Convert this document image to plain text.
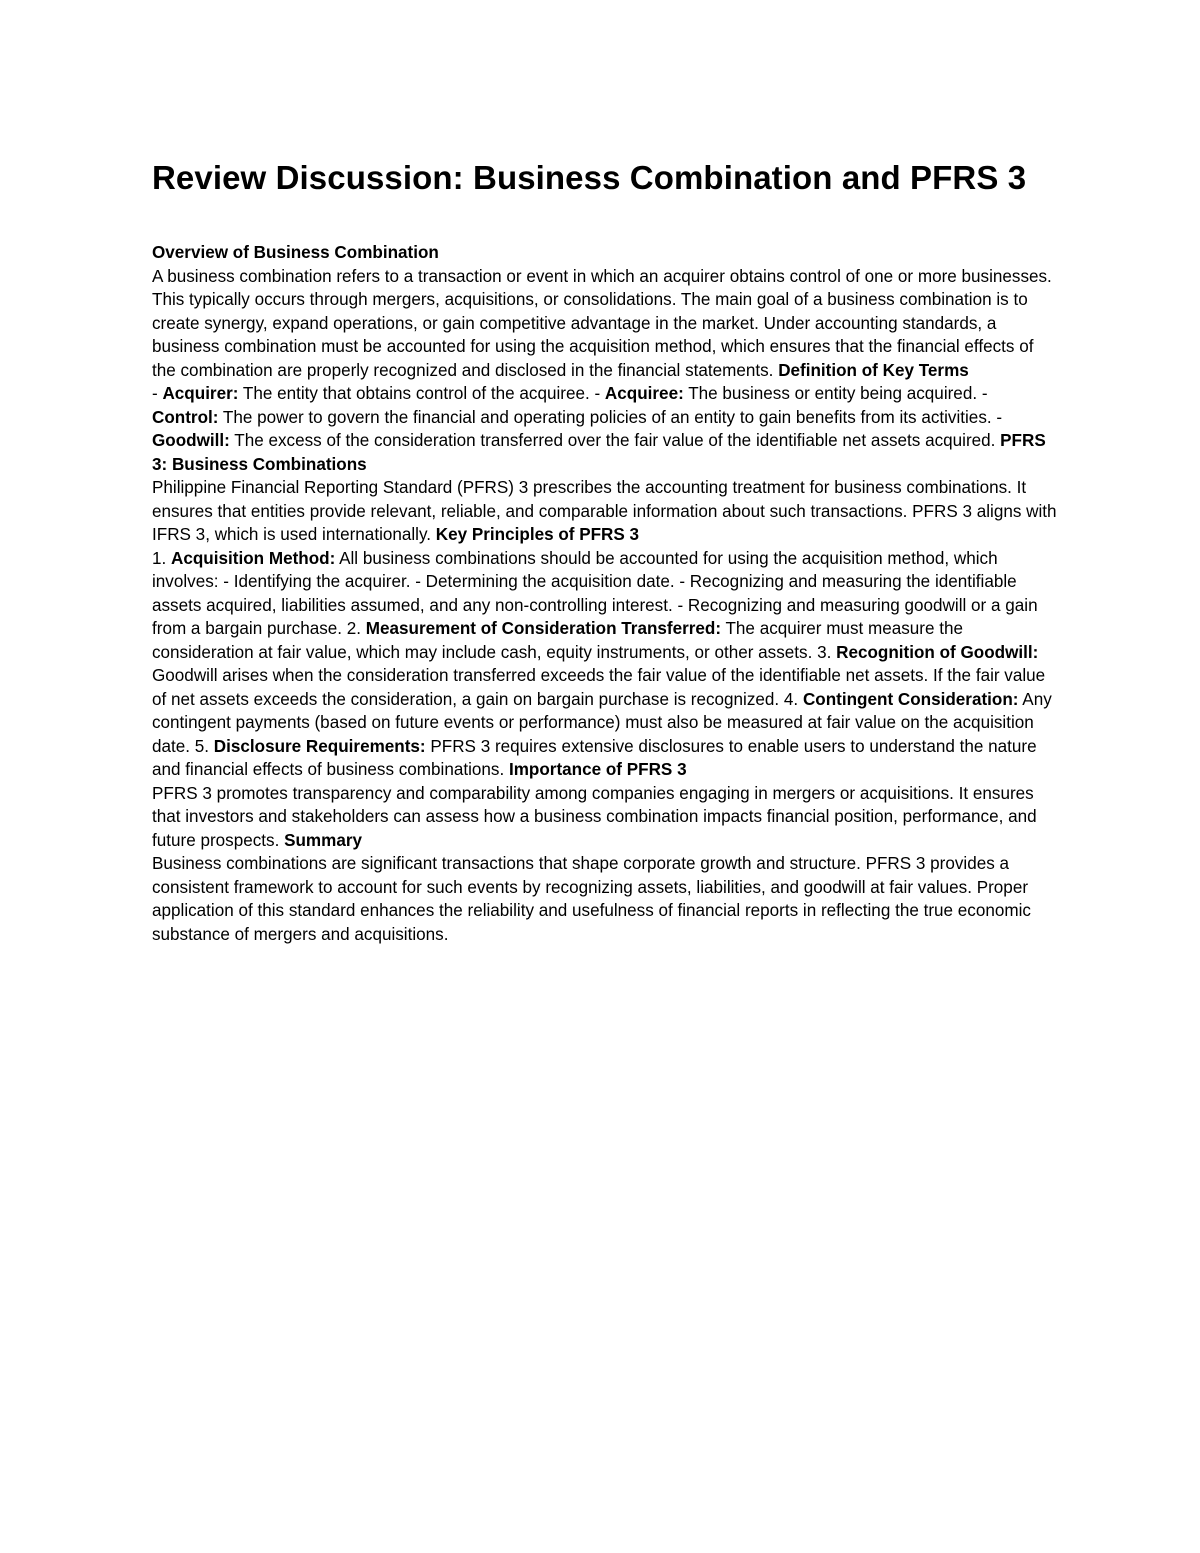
Review Discussion: Business Combination and PFRS 3
Overview of Business Combination
A business combination refers to a transaction or event in which an acquirer obtains control of one or more businesses. This typically occurs through mergers, acquisitions, or consolidations. The main goal of a business combination is to create synergy, expand operations, or gain competitive advantage in the market. Under accounting standards, a business combination must be accounted for using the acquisition method, which ensures that the financial effects of the combination are properly recognized and disclosed in the financial statements. Definition of Key Terms
- Acquirer: The entity that obtains control of the acquiree. - Acquiree: The business or entity being acquired. - Control: The power to govern the financial and operating policies of an entity to gain benefits from its activities. - Goodwill: The excess of the consideration transferred over the fair value of the identifiable net assets acquired. PFRS 3: Business Combinations
Philippine Financial Reporting Standard (PFRS) 3 prescribes the accounting treatment for business combinations. It ensures that entities provide relevant, reliable, and comparable information about such transactions. PFRS 3 aligns with IFRS 3, which is used internationally. Key Principles of PFRS 3
1. Acquisition Method: All business combinations should be accounted for using the acquisition method, which involves: - Identifying the acquirer. - Determining the acquisition date. - Recognizing and measuring the identifiable assets acquired, liabilities assumed, and any non-controlling interest. - Recognizing and measuring goodwill or a gain from a bargain purchase. 2. Measurement of Consideration Transferred: The acquirer must measure the consideration at fair value, which may include cash, equity instruments, or other assets. 3. Recognition of Goodwill: Goodwill arises when the consideration transferred exceeds the fair value of the identifiable net assets. If the fair value of net assets exceeds the consideration, a gain on bargain purchase is recognized. 4. Contingent Consideration: Any contingent payments (based on future events or performance) must also be measured at fair value on the acquisition date. 5. Disclosure Requirements: PFRS 3 requires extensive disclosures to enable users to understand the nature and financial effects of business combinations. Importance of PFRS 3
PFRS 3 promotes transparency and comparability among companies engaging in mergers or acquisitions. It ensures that investors and stakeholders can assess how a business combination impacts financial position, performance, and future prospects. Summary
Business combinations are significant transactions that shape corporate growth and structure. PFRS 3 provides a consistent framework to account for such events by recognizing assets, liabilities, and goodwill at fair values. Proper application of this standard enhances the reliability and usefulness of financial reports in reflecting the true economic substance of mergers and acquisitions.
